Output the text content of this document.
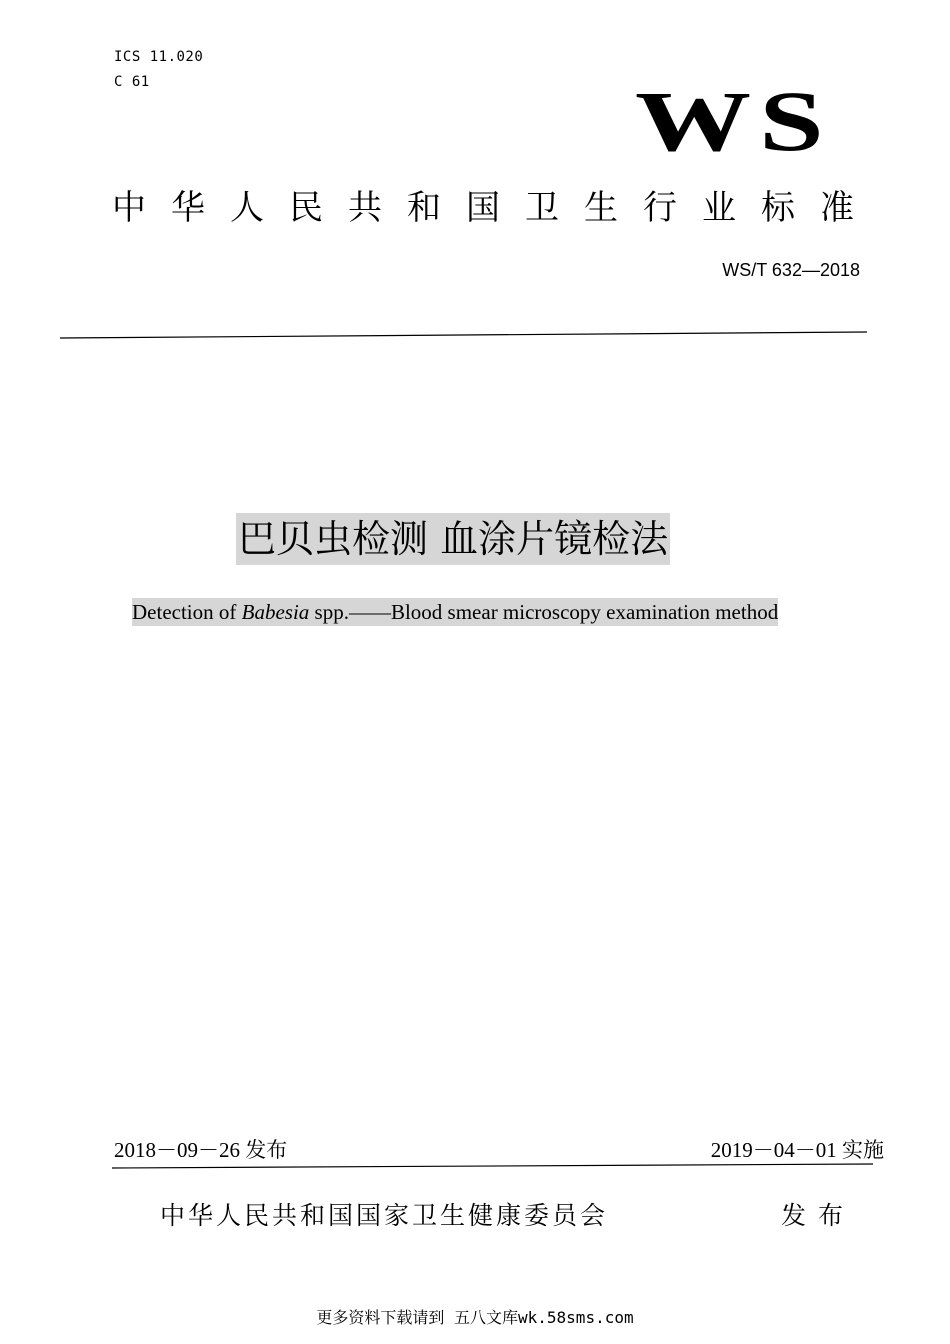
ICS 11.020
C 61	WS
中华人民共和国卫生行业标准
WS/T 632—2018
巴贝虫检测 血涂片镜检法
Detection of Babesia spp.——Blood smear microscopy examination method
2018－09－26 发布	2019－04－01 实施
中华人民共和国国家卫生健康委员会	发布
更多资料下载请到 五八文库wk.58sms.com
